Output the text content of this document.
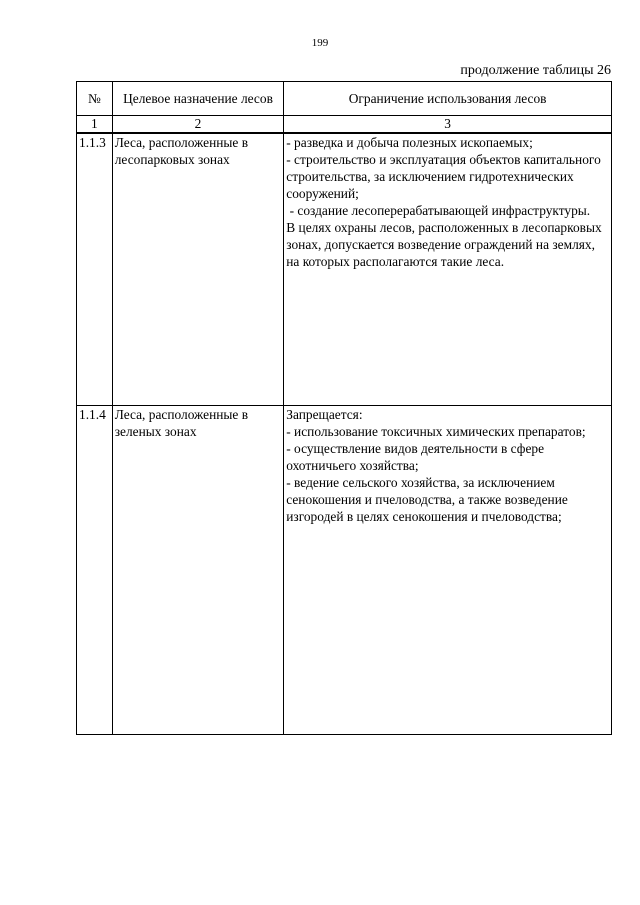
199
продолжение таблицы 26
№	Целевое назначение лесов	Ограничение использования лесов
1	2	3
1.1.3	Леса, расположенные в лесопарковых зонах	- разведка и добыча полезных ископаемых;
- строительство и эксплуатация объектов капитального строительства, за исключением гидротехнических сооружений;
- создание лесоперерабатывающей инфраструктуры.
В целях охраны лесов, расположенных в лесопарковых зонах, допускается возведение ограждений на землях, на которых располагаются такие леса.

1.1.4	Леса, расположенные в зеленых зонах	Запрещается:
- использование токсичных химических препаратов;
- осуществление видов деятельности в сфере охотничьего хозяйства;
- ведение сельского хозяйства, за исключением сенокошения и пчеловодства, а также возведение изгородей в целях сенокошения и пчеловодства;
